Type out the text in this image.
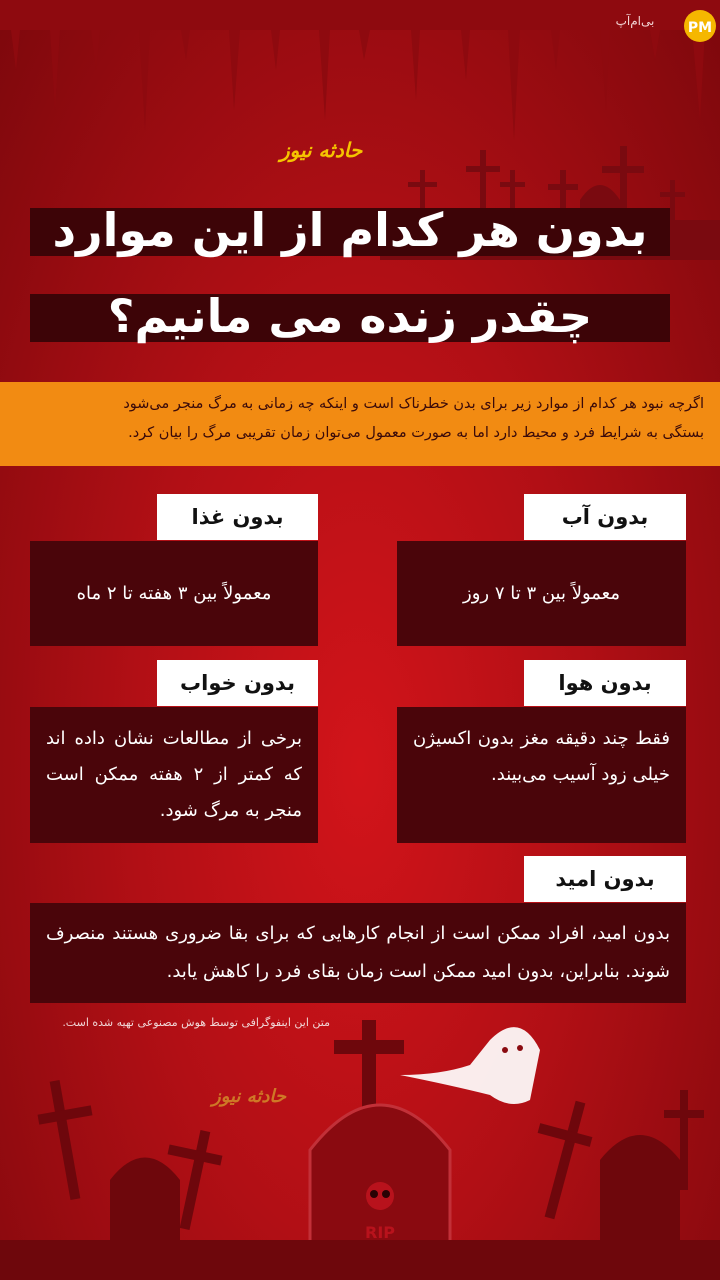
PM
بی‌ام‌آپ
حادثه نیوز
بدون هر کدام از این موارد
چقدر زنده می مانیم؟

اگرچه نبود هر کدام از موارد زیر برای بدن خطرناک است و اینکه چه زمانی به مرگ منجر می‌شود

بستگی به شرایط فرد و محیط دارد اما به صورت معمول می‌توان زمان تقریبی مرگ را بیان کرد.

بدون آب
معمولاً بین ۳ تا ۷ روز
بدون غذا
معمولاً بین ۳ هفته تا ۲ ماه
بدون هوا
فقط چند دقیقه مغز بدون اکسیژن خیلی زود آسیب می‌بیند.
بدون خواب
برخی از مطالعات نشان داده اند که کمتر از ۲ هفته ممکن است منجر به مرگ شود.
بدون امید
بدون امید، افراد ممکن است از انجام کارهایی که برای بقا ضروری هستند منصرف شوند. بنابراین، بدون امید ممکن است زمان بقای فرد را کاهش یابد.
متن این اینفوگرافی توسط هوش مصنوعی تهیه شده است.
حادثه نیوز
RIP
